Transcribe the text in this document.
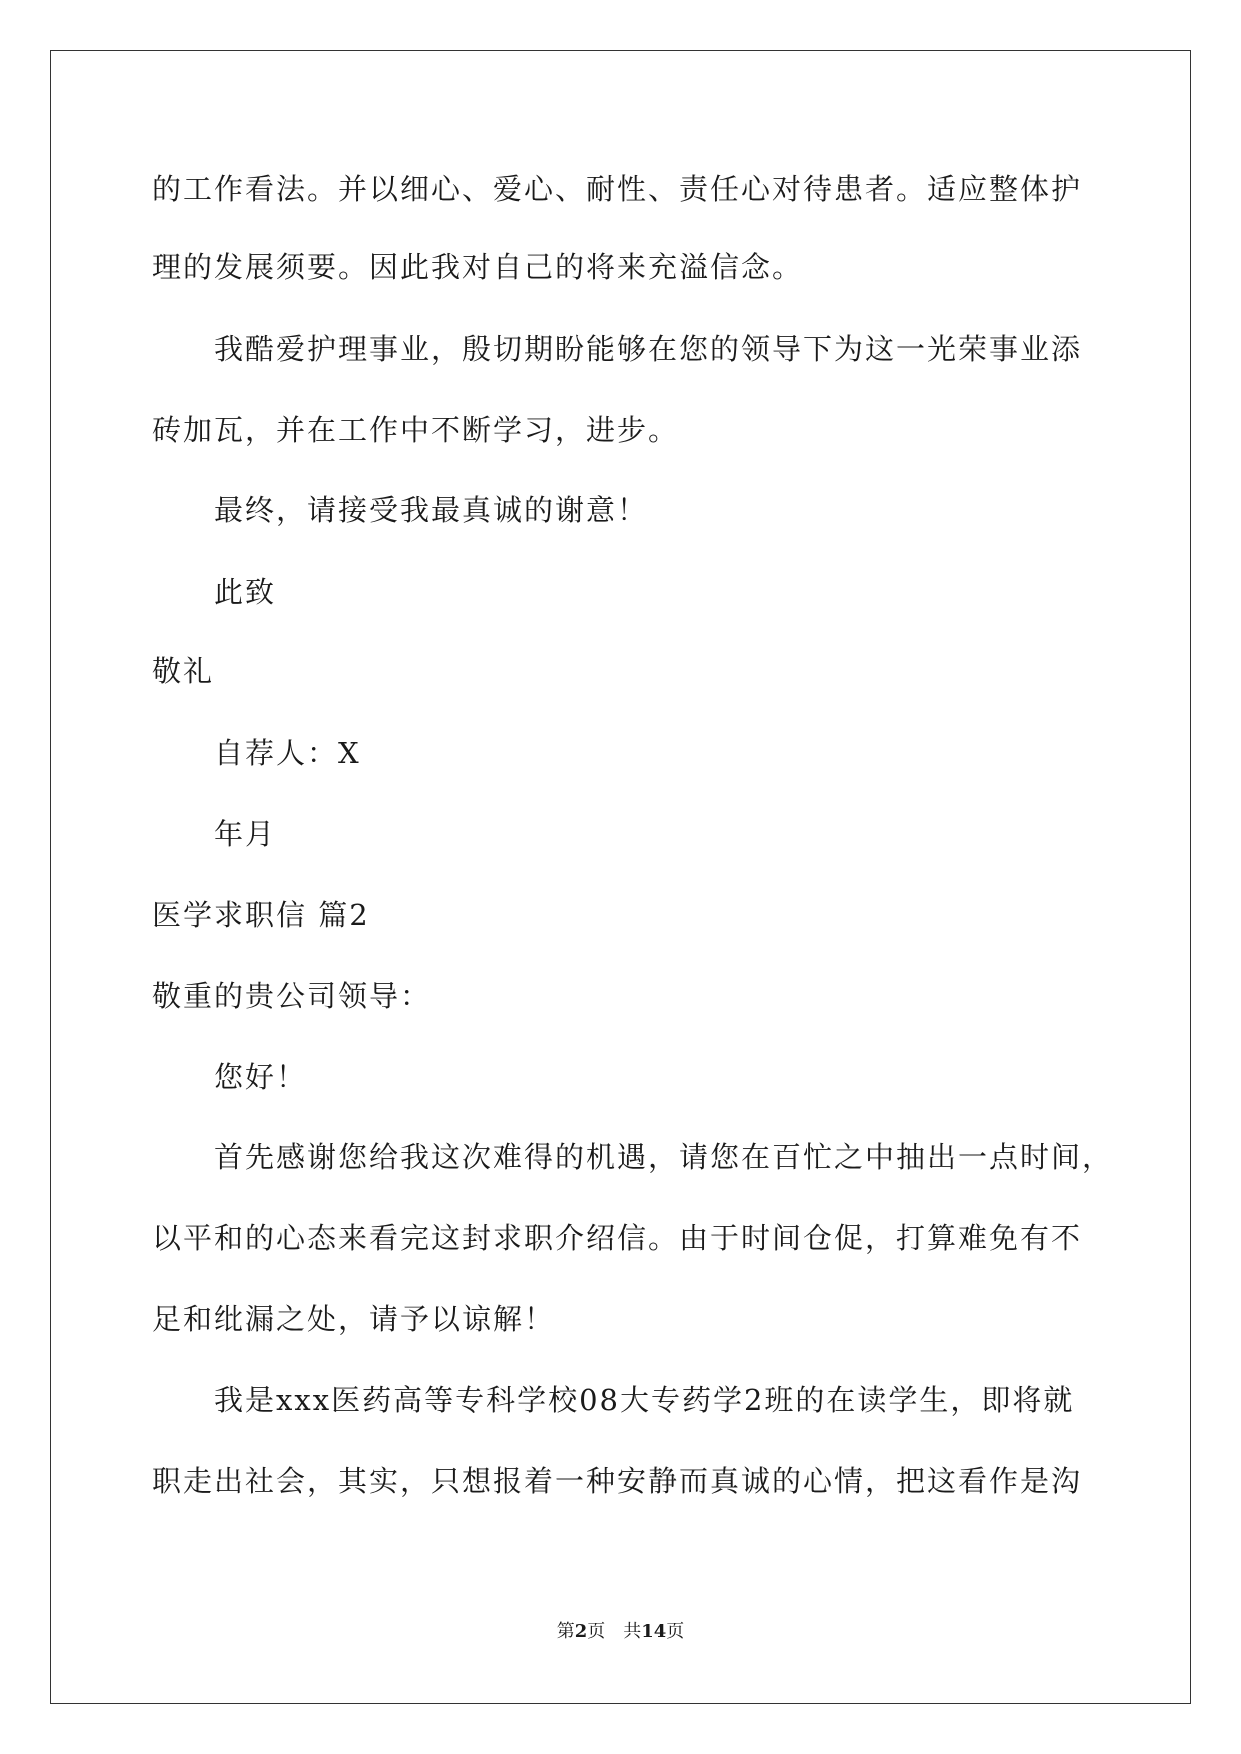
的工作看法。并以细心、爱心、耐性、责任心对待患者。适应整体护
理的发展须要。因此我对自己的将来充溢信念。
我酷爱护理事业，殷切期盼能够在您的领导下为这一光荣事业添
砖加瓦，并在工作中不断学习，进步。
最终，请接受我最真诚的谢意！
此致
敬礼
自荐人：X
年月
医学求职信 篇2
敬重的贵公司领导：
您好！
首先感谢您给我这次难得的机遇，请您在百忙之中抽出一点时间，
以平和的心态来看完这封求职介绍信。由于时间仓促，打算难免有不
足和纰漏之处，请予以谅解！
我是xxx医药高等专科学校08大专药学2班的在读学生，即将就
职走出社会，其实，只想报着一种安静而真诚的心情，把这看作是沟
第2页 共14页
